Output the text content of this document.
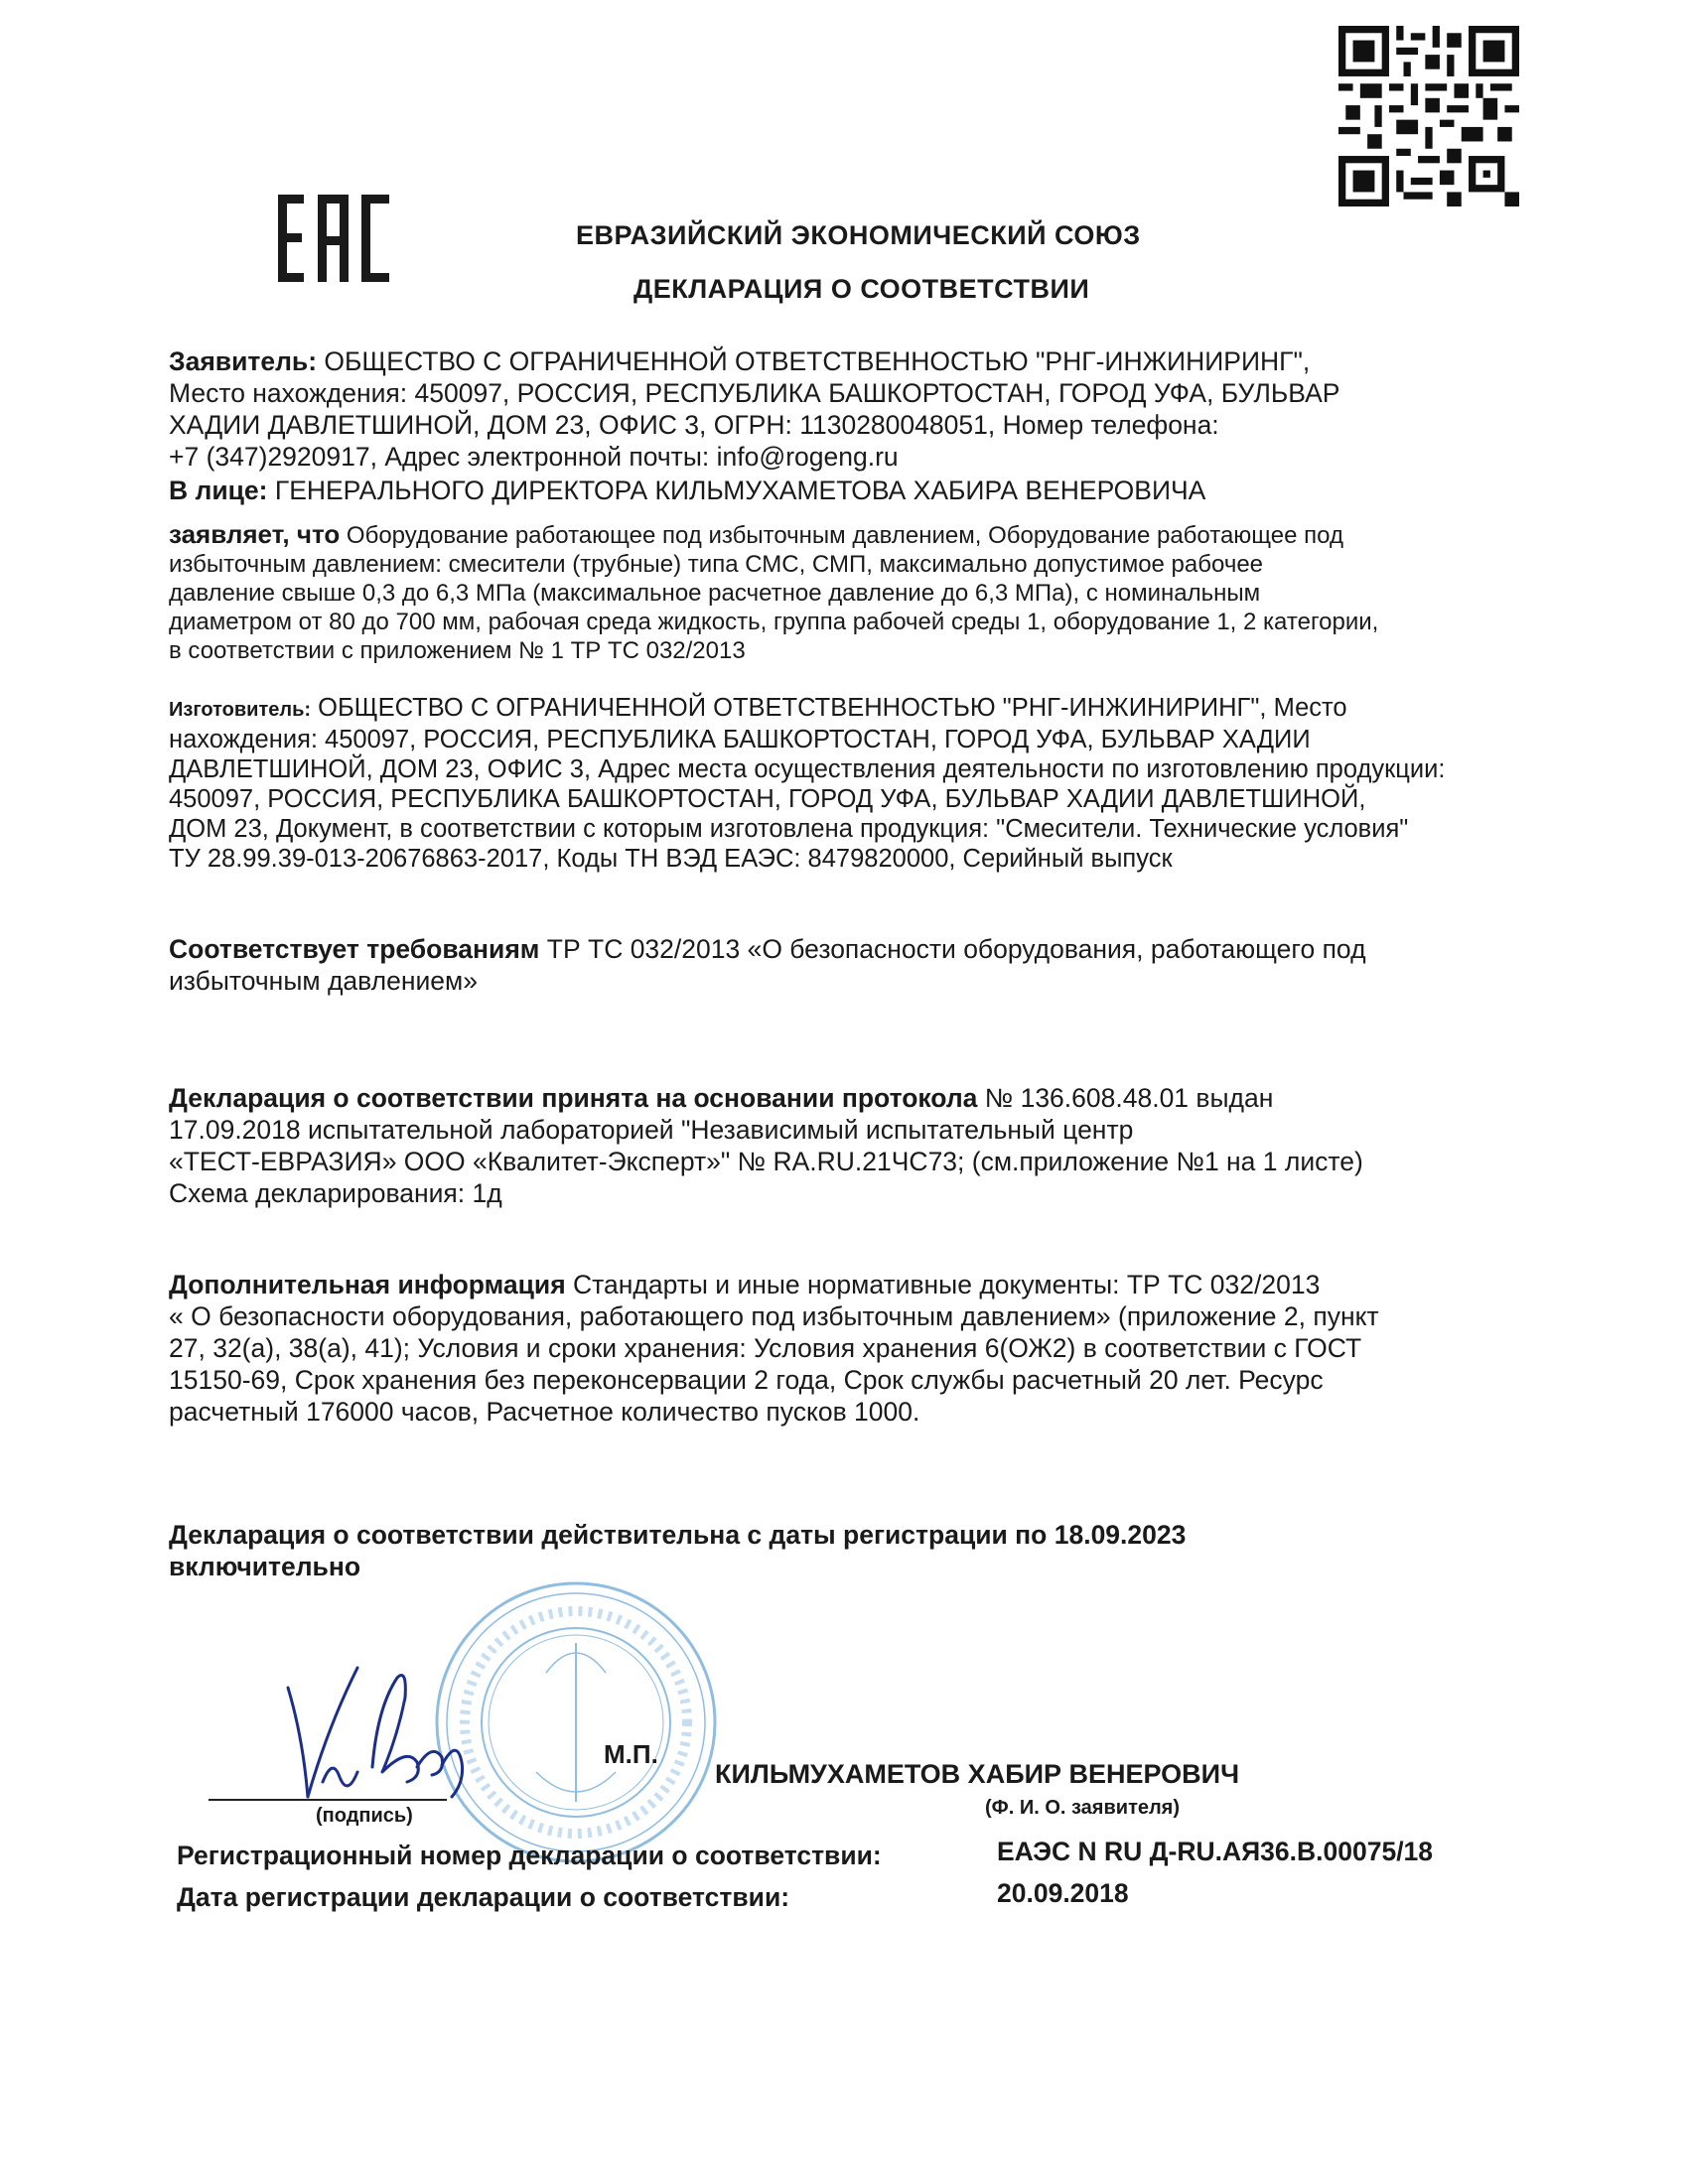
ЕВРАЗИЙСКИЙ ЭКОНОМИЧЕСКИЙ СОЮЗ
ДЕКЛАРАЦИЯ О СООТВЕТСТВИИ
Заявитель: ОБЩЕСТВО С ОГРАНИЧЕННОЙ ОТВЕТСТВЕННОСТЬЮ "РНГ-ИНЖИНИРИНГ",
Место нахождения: 450097, РОССИЯ, РЕСПУБЛИКА БАШКОРТОСТАН, ГОРОД УФА, БУЛЬВАР
ХАДИИ ДАВЛЕТШИНОЙ, ДОМ 23, ОФИС 3, ОГРН: 1130280048051, Номер телефона:
+7 (347)2920917, Адрес электронной почты: info@rogeng.ru
В лице: ГЕНЕРАЛЬНОГО ДИРЕКТОРА КИЛЬМУХАМЕТОВА ХАБИРА ВЕНЕРОВИЧА
заявляет, что Оборудование работающее под избыточным давлением, Оборудование работающее под
избыточным давлением: смесители (трубные) типа СМС, СМП, максимально допустимое рабочее
давление свыше 0,3 до 6,3 МПа (максимальное расчетное давление до 6,3 МПа), с номинальным
диаметром от 80 до 700 мм, рабочая среда жидкость, группа рабочей среды 1, оборудование 1, 2 категории,
в соответствии с приложением № 1 ТР ТС 032/2013
Изготовитель: ОБЩЕСТВО С ОГРАНИЧЕННОЙ ОТВЕТСТВЕННОСТЬЮ "РНГ-ИНЖИНИРИНГ", Место
нахождения: 450097, РОССИЯ, РЕСПУБЛИКА БАШКОРТОСТАН, ГОРОД УФА, БУЛЬВАР ХАДИИ
ДАВЛЕТШИНОЙ, ДОМ 23, ОФИС 3, Адрес места осуществления деятельности по изготовлению продукции:
450097, РОССИЯ, РЕСПУБЛИКА БАШКОРТОСТАН, ГОРОД УФА, БУЛЬВАР ХАДИИ ДАВЛЕТШИНОЙ,
ДОМ 23, Документ, в соответствии с которым изготовлена продукция: "Смесители. Технические условия"
ТУ 28.99.39-013-20676863-2017, Коды ТН ВЭД ЕАЭС: 8479820000, Серийный выпуск
Соответствует требованиям ТР ТС 032/2013 «О безопасности оборудования, работающего под
избыточным давлением»
Декларация о соответствии принята на основании протокола № 136.608.48.01 выдан
17.09.2018 испытательной лабораторией "Независимый испытательный центр
«ТЕСТ-ЕВРАЗИЯ» ООО «Квалитет-Эксперт»" № RA.RU.21ЧС73; (см.приложение №1 на 1 листе)
Схема декларирования: 1д
Дополнительная информация Стандарты и иные нормативные документы: ТР ТС 032/2013
« О безопасности оборудования, работающего под избыточным давлением» (приложение 2, пункт
27, 32(а), 38(а), 41); Условия и сроки хранения: Условия хранения 6(ОЖ2) в соответствии с ГОСТ
15150-69, Срок хранения без переконсервации 2 года, Срок службы расчетный 20 лет. Ресурс
расчетный 176000 часов, Расчетное количество пусков 1000.
Декларация о соответствии действительна с даты регистрации по 18.09.2023
включительно
(подпись)
М.П.
КИЛЬМУХАМЕТОВ ХАБИР ВЕНЕРОВИЧ
(Ф. И. О. заявителя)
Регистрационный номер декларации о соответствии:	ЕАЭС N RU Д-RU.АЯ36.В.00075/18
Дата регистрации декларации о соответствии:	20.09.2018
